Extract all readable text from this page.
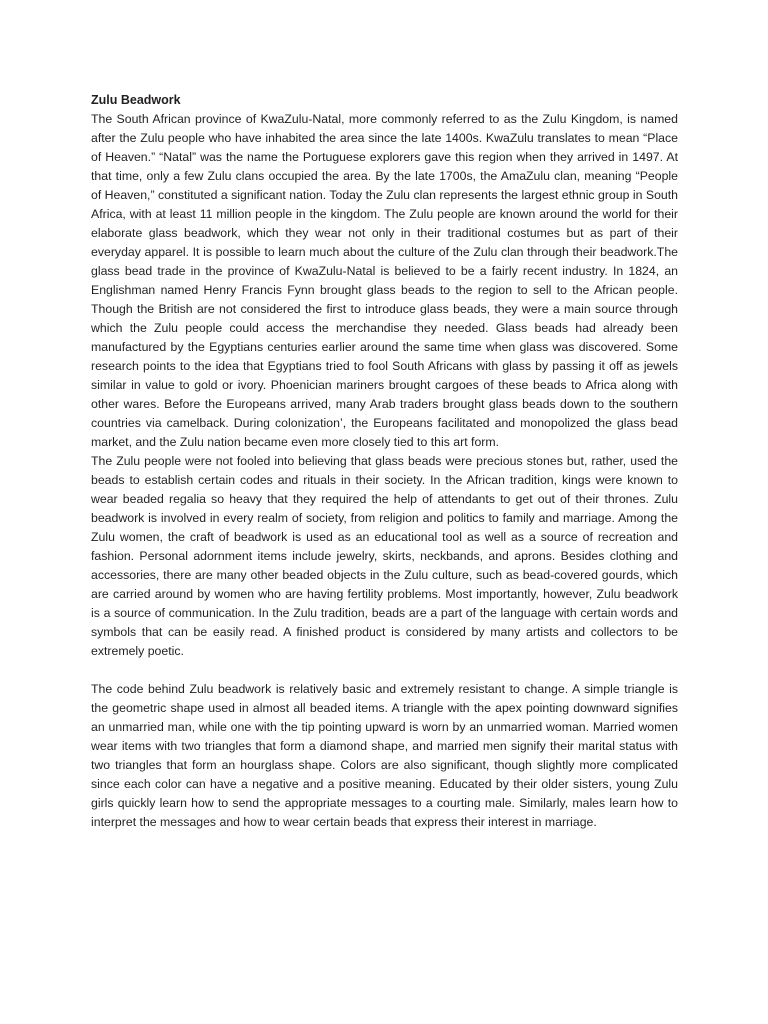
Zulu Beadwork

The South African province of KwaZulu-Natal, more commonly referred to as the Zulu Kingdom, is named after the Zulu people who have inhabited the area since the late 1400s. KwaZulu translates to mean “Place of Heaven.” “Natal” was the name the Portuguese explorers gave this region when they arrived in 1497. At that time, only a few Zulu clans occupied the area. By the late 1700s, the AmaZulu clan, meaning “People of Heaven,” constituted a significant nation. Today the Zulu clan represents the largest ethnic group in South Africa, with at least 11 million people in the kingdom. The Zulu people are known around the world for their elaborate glass beadwork, which they wear not only in their traditional costumes but as part of their everyday apparel. It is possible to learn much about the culture of the Zulu clan through their beadwork.The glass bead trade in the province of KwaZulu-Natal is believed to be a fairly recent industry. In 1824, an Englishman named Henry Francis Fynn brought glass beads to the region to sell to the African people. Though the British are not considered the first to introduce glass beads, they were a main source through which the Zulu people could access the merchandise they needed. Glass beads had already been manufactured by the Egyptians centuries earlier around the same time when glass was discovered. Some research points to the idea that Egyptians tried to fool South Africans with glass by passing it off as jewels similar in value to gold or ivory. Phoenician mariners brought cargoes of these beads to Africa along with other wares. Before the Europeans arrived, many Arab traders brought glass beads down to the southern countries via camelback. During colonization’, the Europeans facilitated and monopolized the glass bead market, and the Zulu nation became even more closely tied to this art form.

The Zulu people were not fooled into believing that glass beads were precious stones but, rather, used the beads to establish certain codes and rituals in their society. In the African tradition, kings were known to wear beaded regalia so heavy that they required the help of attendants to get out of their thrones. Zulu beadwork is involved in every realm of society, from religion and politics to family and marriage. Among the Zulu women, the craft of beadwork is used as an educational tool as well as a source of recreation and fashion. Personal adornment items include jewelry, skirts, neckbands, and aprons. Besides clothing and accessories, there are many other beaded objects in the Zulu culture, such as bead-covered gourds, which are carried around by women who are having fertility problems. Most importantly, however, Zulu beadwork is a source of communication. In the Zulu tradition, beads are a part of the language with certain words and symbols that can be easily read. A finished product is considered by many artists and collectors to be extremely poetic.

The code behind Zulu beadwork is relatively basic and extremely resistant to change. A simple triangle is the geometric shape used in almost all beaded items. A triangle with the apex pointing downward signifies an unmarried man, while one with the tip pointing upward is worn by an unmarried woman. Married women wear items with two triangles that form a diamond shape, and married men signify their marital status with two triangles that form an hourglass shape. Colors are also significant, though slightly more complicated since each color can have a negative and a positive meaning. Educated by their older sisters, young Zulu girls quickly learn how to send the appropriate messages to a courting male. Similarly, males learn how to interpret the messages and how to wear certain beads that express their interest in marriage.
